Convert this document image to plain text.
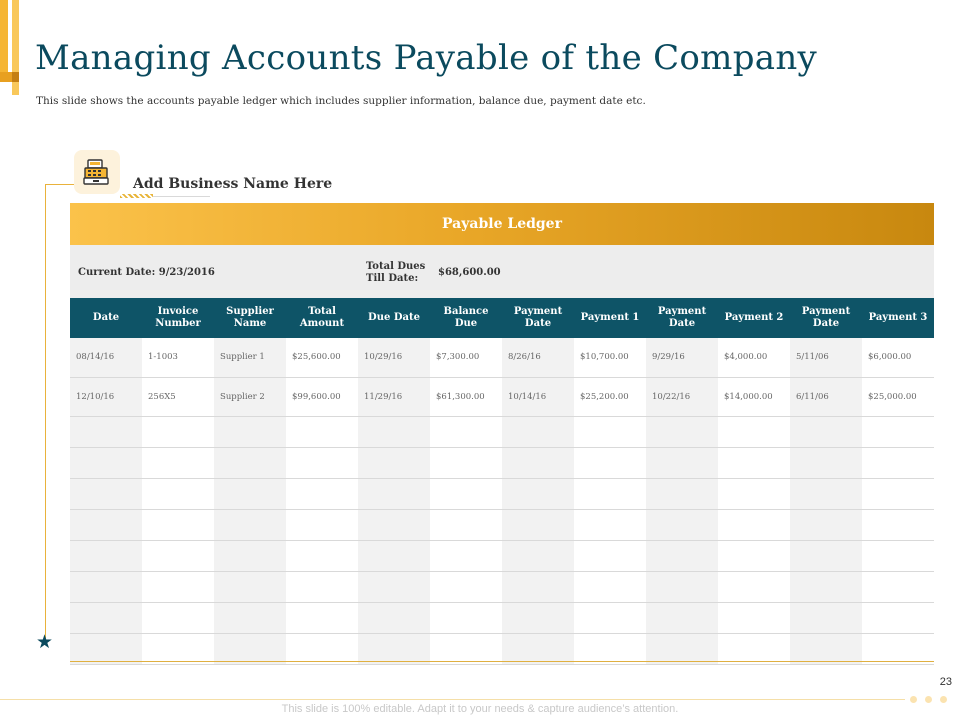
Managing Accounts Payable of the Company
This slide shows the accounts payable ledger which includes supplier information, balance due, payment date etc.
★
Add Business Name Here
Payable Ledger
Current Date: 9/23/2016
Total Dues Till Date:
$68,600.00
Date	Invoice Number	Supplier Name	Total Amount	Due Date	Balance Due	Payment Date	Payment 1	Payment Date	Payment 2	Payment Date	Payment 3
08/14/16	1-1003	Supplier 1	$25,600.00	10/29/16	$7,300.00	8/26/16	$10,700.00	9/29/16	$4,000.00	5/11/06	$6,000.00
12/10/16	256X5	Supplier 2	$99,600.00	11/29/16	$61,300.00	10/14/16	$25,200.00	10/22/16	$14,000.00	6/11/06	$25,000.00

23
This slide is 100% editable. Adapt it to your needs & capture audience’s attention.
